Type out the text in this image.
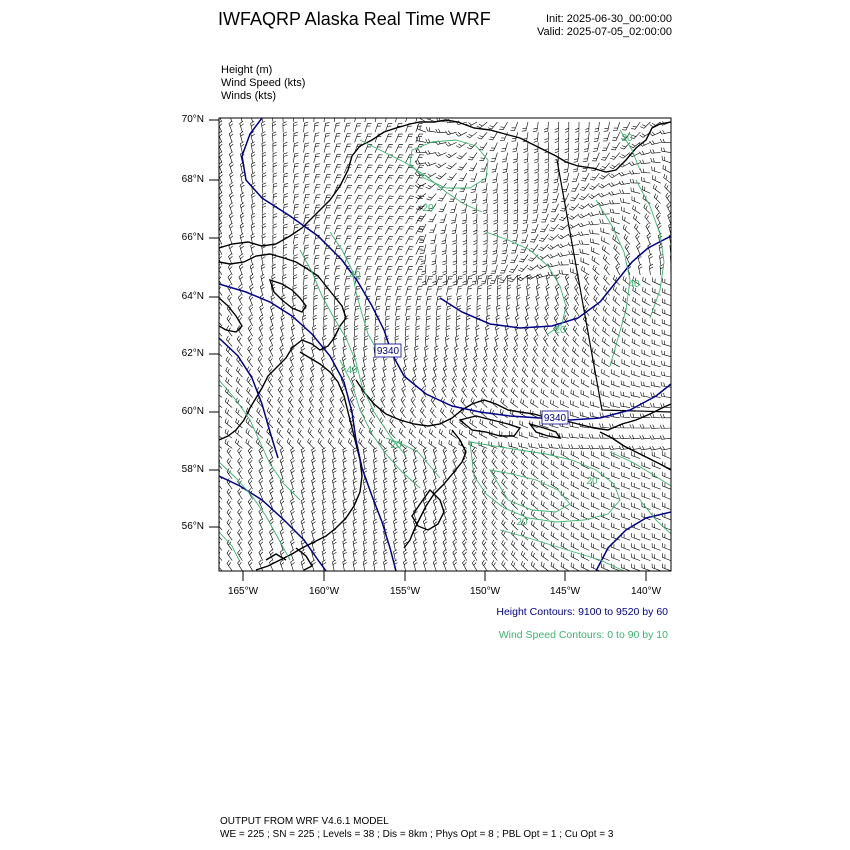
IWFAQRP Alaska Real Time WRF	Init: 2025-06-30_00:00:00
Valid: 2025-07-05_02:00:00
Height (m)
Wind Speed (kts)
Winds (kts)
9340
9340
20
20
40
40
40
20
20
20
20
70°N
68°N
66°N
64°N
62°N
60°N
58°N
56°N
165°W	160°W	155°W	150°W	145°W	140°W
Height Contours: 9100 to 9520 by 60
Wind Speed Contours: 0 to 90 by 10
OUTPUT FROM WRF V4.6.1 MODEL
WE = 225 ; SN = 225 ; Levels = 38 ; Dis = 8km ; Phys Opt = 8 ; PBL Opt = 1 ; Cu Opt = 3
